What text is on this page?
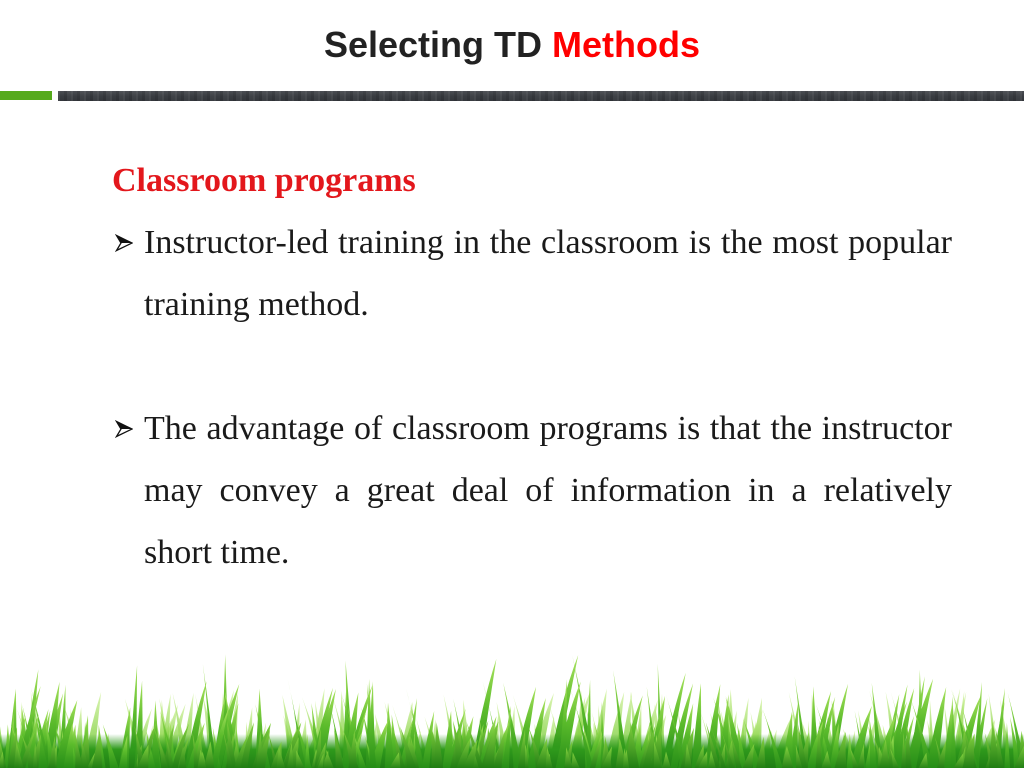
Selecting TD Methods
Classroom programs
Instructor-led training in the classroom is the most popular
training method.
The advantage of classroom programs is that the instructor
may convey a great deal of information in a relatively
short time.
